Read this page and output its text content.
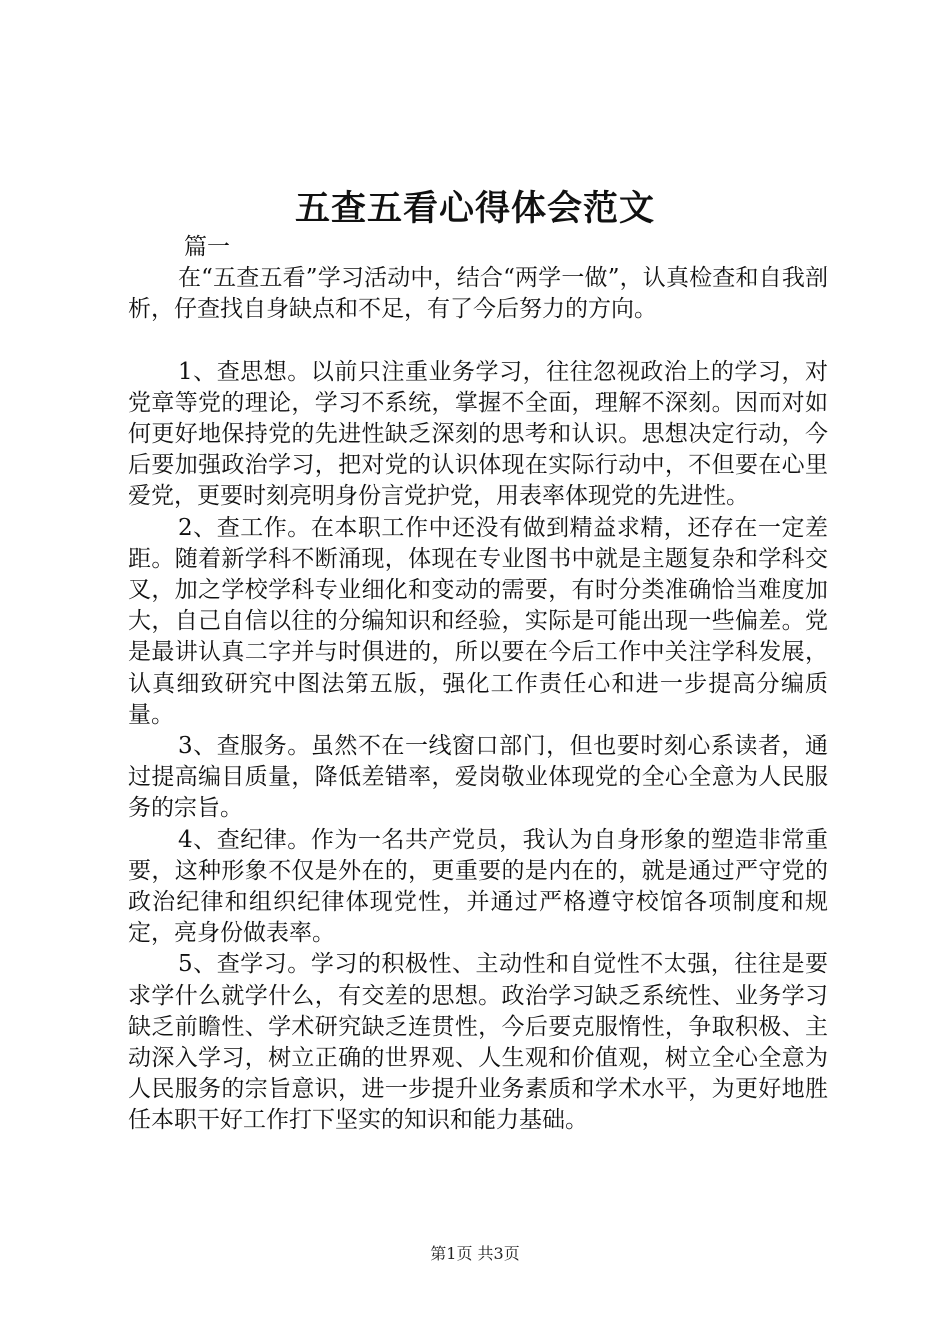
五查五看心得体会范文

篇一

在“五查五看”学习活动中，结合“两学一做”，认真检查和自我剖析，仔查找自身缺点和不足，有了今后努力的方向。

1、查思想。以前只注重业务学习，往往忽视政治上的学习，对党章等党的理论，学习不系统，掌握不全面，理解不深刻。因而对如何更好地保持党的先进性缺乏深刻的思考和认识。思想决定行动，今后要加强政治学习，把对党的认识体现在实际行动中，不但要在心里爱党，更要时刻亮明身份言党护党，用表率体现党的先进性。

2、查工作。在本职工作中还没有做到精益求精，还存在一定差距。随着新学科不断涌现，体现在专业图书中就是主题复杂和学科交叉，加之学校学科专业细化和变动的需要，有时分类准确恰当难度加大，自己自信以往的分编知识和经验，实际是可能出现一些偏差。党是最讲认真二字并与时俱进的，所以要在今后工作中关注学科发展，认真细致研究中图法第五版，强化工作责任心和进一步提高分编质量。

3、查服务。虽然不在一线窗口部门，但也要时刻心系读者，通过提高编目质量，降低差错率，爱岗敬业体现党的全心全意为人民服务的宗旨。

4、查纪律。作为一名共产党员，我认为自身形象的塑造非常重要，这种形象不仅是外在的，更重要的是内在的，就是通过严守党的政治纪律和组织纪律体现党性，并通过严格遵守校馆各项制度和规定，亮身份做表率。

5、查学习。学习的积极性、主动性和自觉性不太强，往往是要求学什么就学什么，有交差的思想。政治学习缺乏系统性、业务学习缺乏前瞻性、学术研究缺乏连贯性，今后要克服惰性，争取积极、主动深入学习，树立正确的世界观、人生观和价值观，树立全心全意为人民服务的宗旨意识，进一步提升业务素质和学术水平，为更好地胜任本职干好工作打下坚实的知识和能力基础。

第1页 共3页
